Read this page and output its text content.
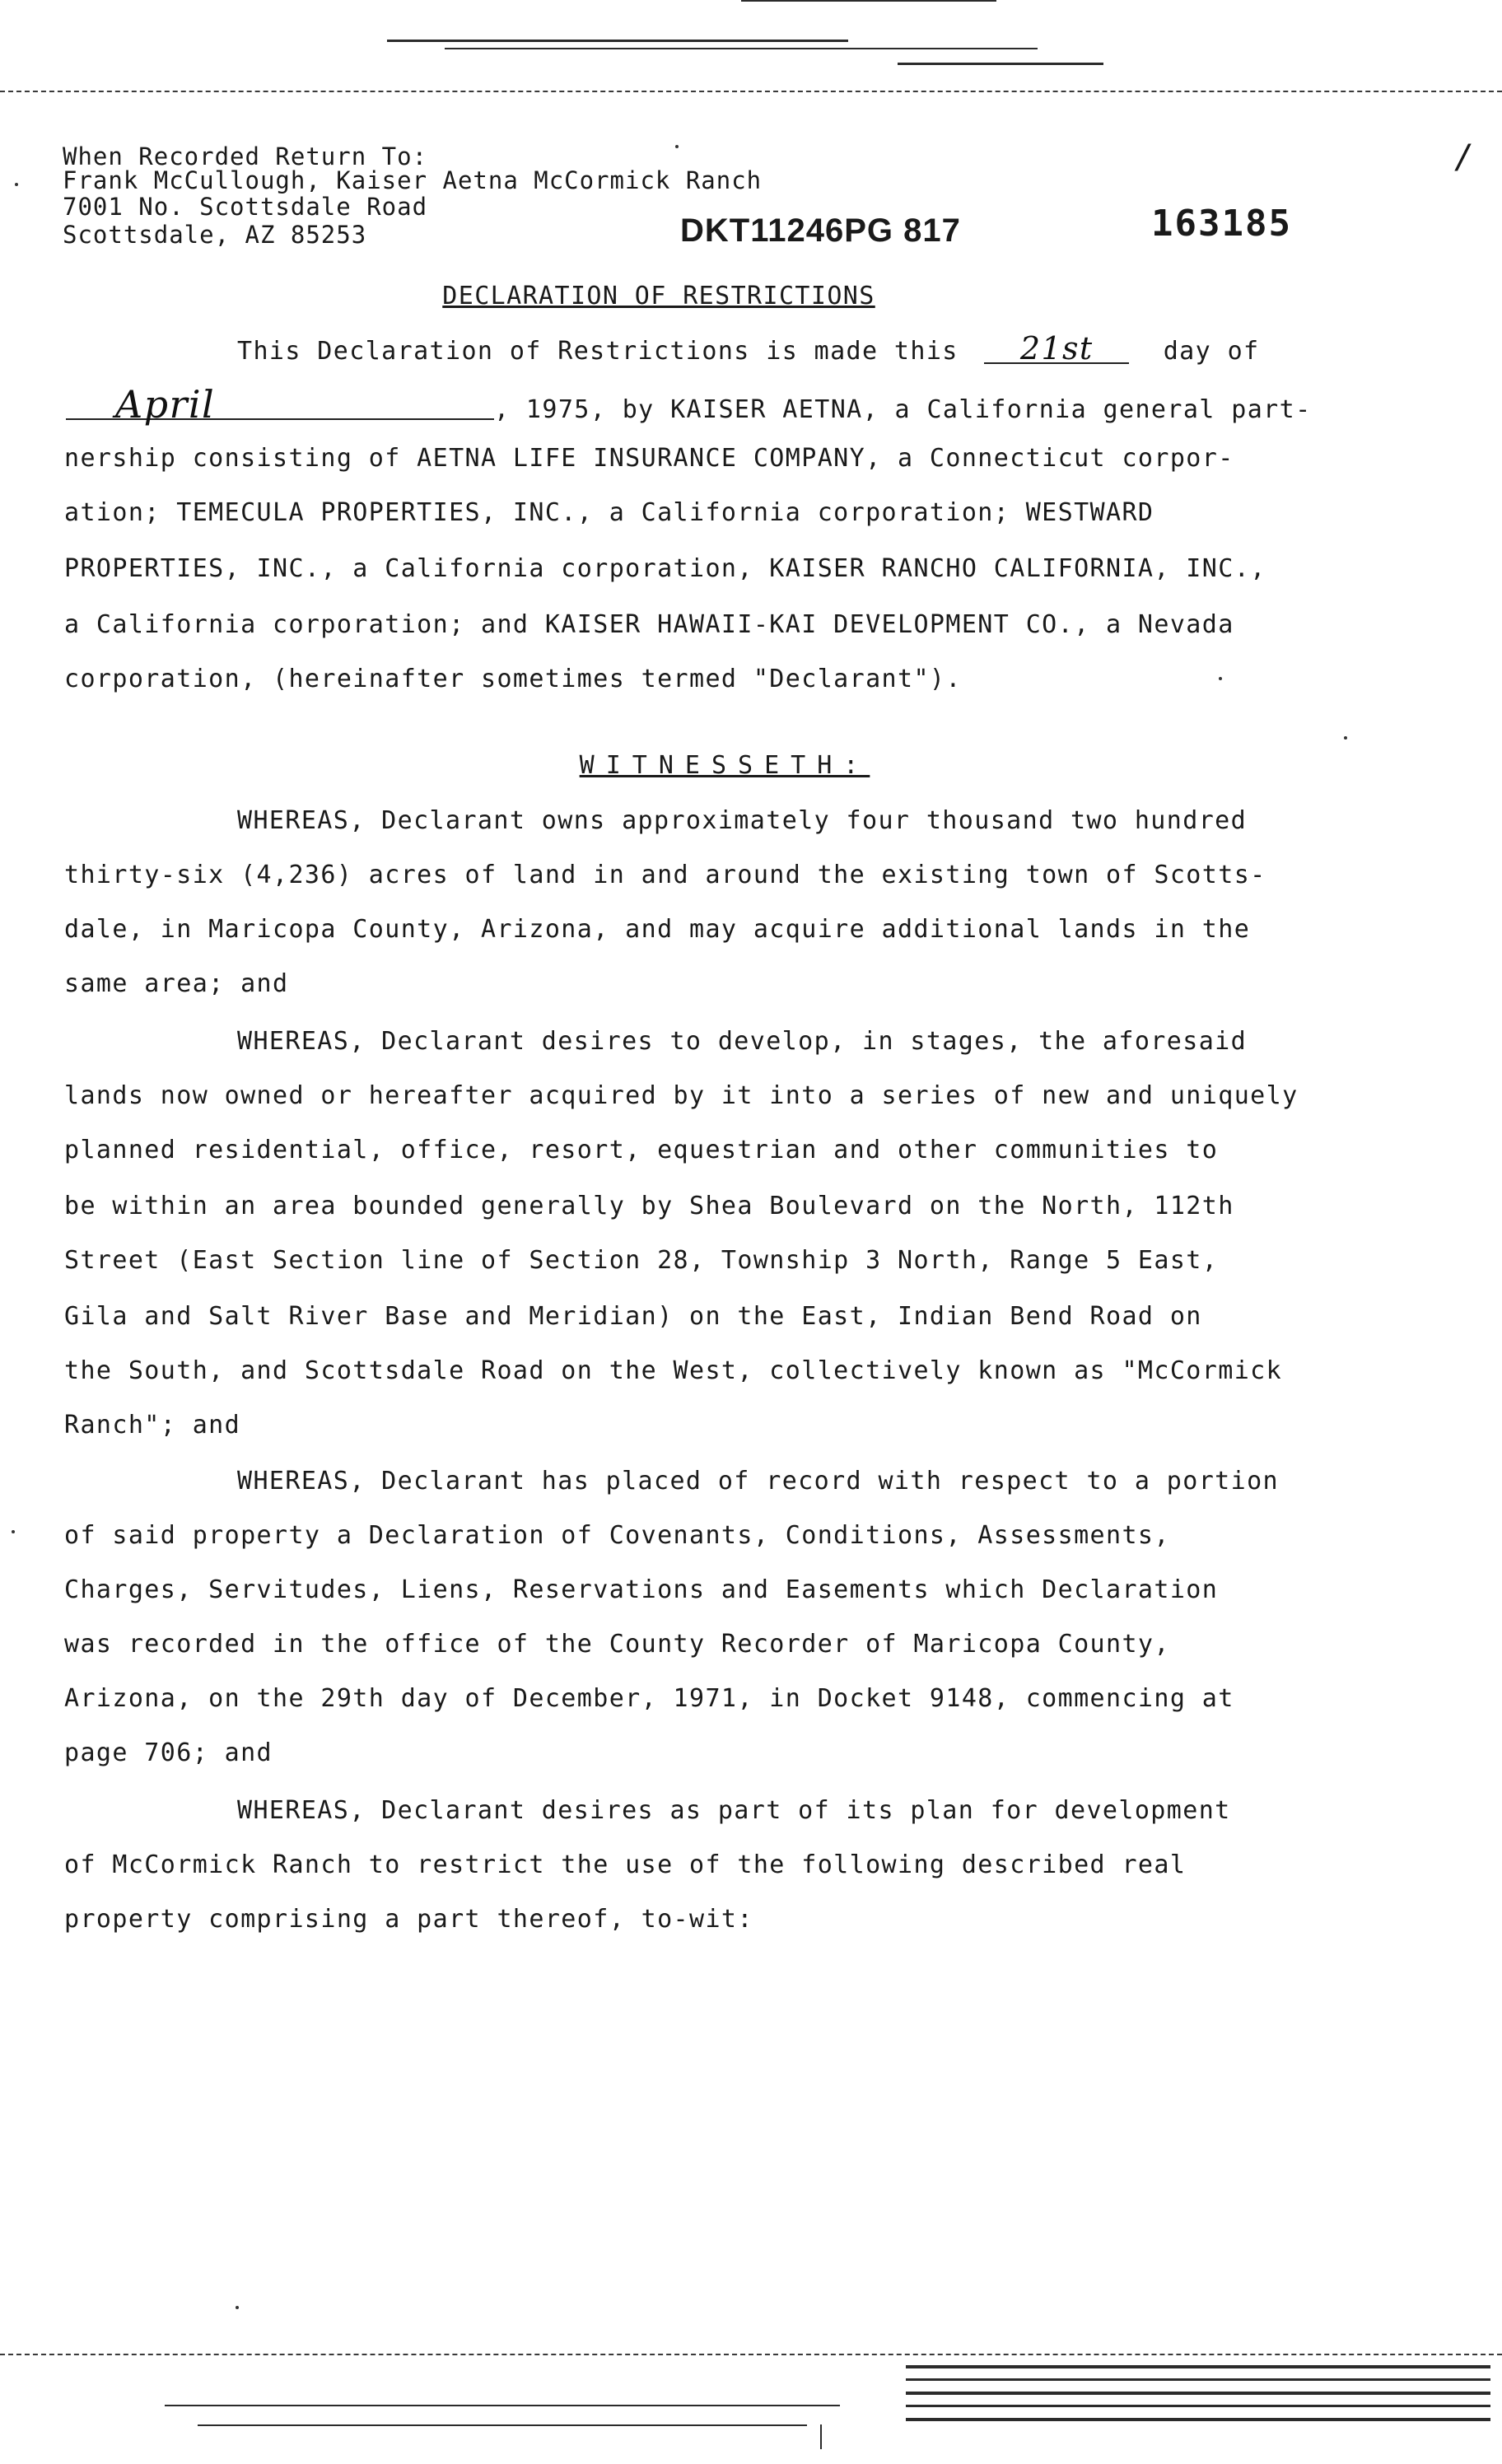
When Recorded Return To:
Frank McCullough, Kaiser Aetna McCormick Ranch
7001 No. Scottsdale Road
Scottsdale, AZ 85253	DKT11246PG 817	163185
/
DECLARATION OF RESTRICTIONS
This Declaration of Restrictions is made this 21st	day of
April	, 1975, by KAISER AETNA, a California general part-
nership consisting of AETNA LIFE INSURANCE COMPANY, a Connecticut corpor-
ation; TEMECULA PROPERTIES, INC., a California corporation; WESTWARD
PROPERTIES, INC., a California corporation, KAISER RANCHO CALIFORNIA, INC.,
a California corporation; and KAISER HAWAII-KAI DEVELOPMENT CO., a Nevada
corporation, (hereinafter sometimes termed "Declarant").
WITNESSETH:
WHEREAS, Declarant owns approximately four thousand two hundred
thirty-six (4,236) acres of land in and around the existing town of Scotts-
dale, in Maricopa County, Arizona, and may acquire additional lands in the
same area; and
WHEREAS, Declarant desires to develop, in stages, the aforesaid
lands now owned or hereafter acquired by it into a series of new and uniquely
planned residential, office, resort, equestrian and other communities to
be within an area bounded generally by Shea Boulevard on the North, 112th
Street (East Section line of Section 28, Township 3 North, Range 5 East,
Gila and Salt River Base and Meridian) on the East, Indian Bend Road on
the South, and Scottsdale Road on the West, collectively known as "McCormick
Ranch"; and
WHEREAS, Declarant has placed of record with respect to a portion
of said property a Declaration of Covenants, Conditions, Assessments,
Charges, Servitudes, Liens, Reservations and Easements which Declaration
was recorded in the office of the County Recorder of Maricopa County,
Arizona, on the 29th day of December, 1971, in Docket 9148, commencing at
page 706; and
WHEREAS, Declarant desires as part of its plan for development
of McCormick Ranch to restrict the use of the following described real
property comprising a part thereof, to-wit:
